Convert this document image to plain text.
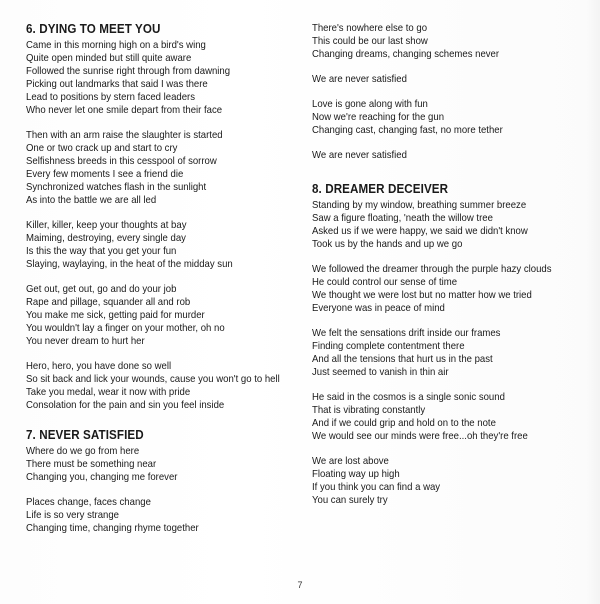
6. DYING TO MEET YOU
Came in this morning high on a bird's wing
Quite open minded but still quite aware
Followed the sunrise right through from dawning
Picking out landmarks that said I was there
Lead to positions by stern faced leaders
Who never let one smile depart from their face
Then with an arm raise the slaughter is started
One or two crack up and start to cry
Selfishness breeds in this cesspool of sorrow
Every few moments I see a friend die
Synchronized watches flash in the sunlight
As into the battle we are all led
Killer, killer, keep your thoughts at bay
Maiming, destroying, every single day
Is this the way that you get your fun
Slaying, waylaying, in the heat of the midday sun
Get out, get out, go and do your job
Rape and pillage, squander all and rob
You make me sick, getting paid for murder
You wouldn't lay a finger on your mother, oh no
You never dream to hurt her
Hero, hero, you have done so well
So sit back and lick your wounds, cause you won't go to hell
Take you medal, wear it now with pride
Consolation for the pain and sin you feel inside
7. NEVER SATISFIED
Where do we go from here
There must be something near
Changing you, changing me forever
Places change, faces change
Life is so very strange
Changing time, changing rhyme together
There's nowhere else to go
This could be our last show
Changing dreams, changing schemes never
We are never satisfied
Love is gone along with fun
Now we're reaching for the gun
Changing cast, changing fast, no more tether
We are never satisfied
8. DREAMER DECEIVER
Standing by my window, breathing summer breeze
Saw a figure floating, 'neath the willow tree
Asked us if we were happy, we said we didn't know
Took us by the hands and up we go
We followed the dreamer through the purple hazy clouds
He could control our sense of time
We thought we were lost but no matter how we tried
Everyone was in peace of mind
We felt the sensations drift inside our frames
Finding complete contentment there
And all the tensions that hurt us in the past
Just seemed to vanish in thin air
He said in the cosmos is a single sonic sound
That is vibrating constantly
And if we could grip and hold on to the note
We would see our minds were free...oh they're free
We are lost above
Floating way up high
If you think you can find a way
You can surely try
7
